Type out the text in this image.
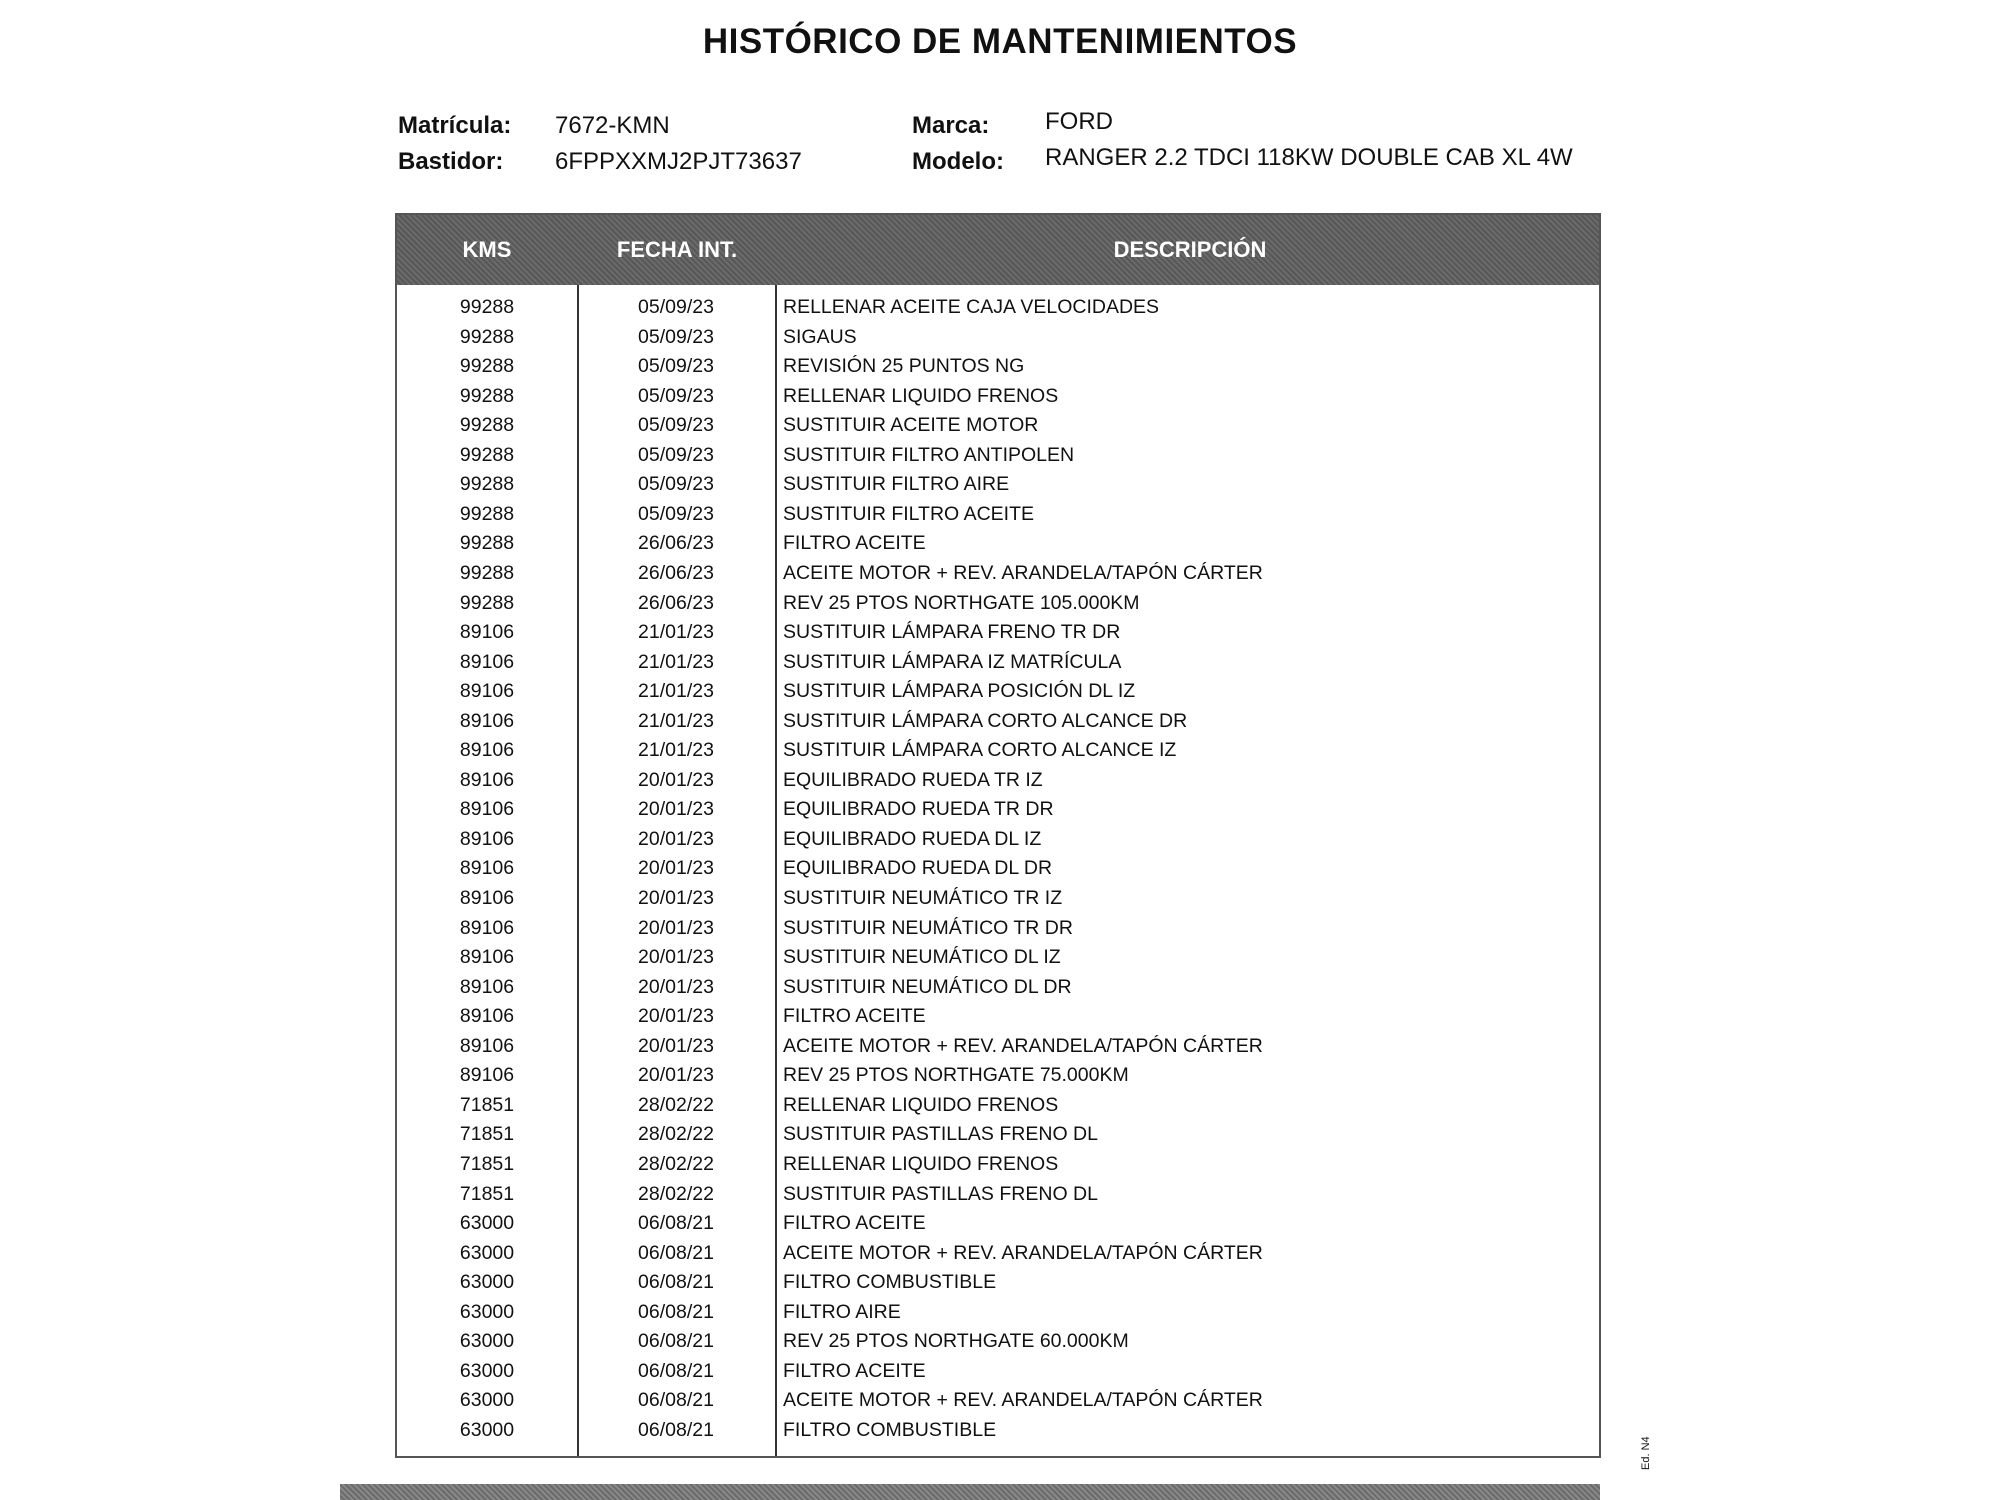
HISTÓRICO DE MANTENIMIENTOS
Matrícula: 7672-KMN
Bastidor: 6FPPXXMJ2PJT73637
Marca: FORD
Modelo: RANGER 2.2 TDCI 118KW DOUBLE CAB XL 4W
KMS	FECHA INT.	DESCRIPCIÓN
99288	05/09/23	RELLENAR ACEITE CAJA VELOCIDADES
99288	05/09/23	SIGAUS
99288	05/09/23	REVISIÓN 25 PUNTOS NG
99288	05/09/23	RELLENAR LIQUIDO FRENOS
99288	05/09/23	SUSTITUIR ACEITE MOTOR
99288	05/09/23	SUSTITUIR FILTRO ANTIPOLEN
99288	05/09/23	SUSTITUIR FILTRO AIRE
99288	05/09/23	SUSTITUIR FILTRO ACEITE
99288	26/06/23	FILTRO ACEITE
99288	26/06/23	ACEITE MOTOR + REV. ARANDELA/TAPÓN CÁRTER
99288	26/06/23	REV 25 PTOS NORTHGATE 105.000KM
89106	21/01/23	SUSTITUIR LÁMPARA FRENO TR DR
89106	21/01/23	SUSTITUIR LÁMPARA IZ MATRÍCULA
89106	21/01/23	SUSTITUIR LÁMPARA POSICIÓN DL IZ
89106	21/01/23	SUSTITUIR LÁMPARA CORTO ALCANCE DR
89106	21/01/23	SUSTITUIR LÁMPARA CORTO ALCANCE IZ
89106	20/01/23	EQUILIBRADO RUEDA TR IZ
89106	20/01/23	EQUILIBRADO RUEDA TR DR
89106	20/01/23	EQUILIBRADO RUEDA DL IZ
89106	20/01/23	EQUILIBRADO RUEDA DL DR
89106	20/01/23	SUSTITUIR NEUMÁTICO TR IZ
89106	20/01/23	SUSTITUIR NEUMÁTICO TR DR
89106	20/01/23	SUSTITUIR NEUMÁTICO DL IZ
89106	20/01/23	SUSTITUIR NEUMÁTICO DL DR
89106	20/01/23	FILTRO ACEITE
89106	20/01/23	ACEITE MOTOR + REV. ARANDELA/TAPÓN CÁRTER
89106	20/01/23	REV 25 PTOS NORTHGATE 75.000KM
71851	28/02/22	RELLENAR LIQUIDO FRENOS
71851	28/02/22	SUSTITUIR PASTILLAS FRENO DL
71851	28/02/22	RELLENAR LIQUIDO FRENOS
71851	28/02/22	SUSTITUIR PASTILLAS FRENO DL
63000	06/08/21	FILTRO ACEITE
63000	06/08/21	ACEITE MOTOR + REV. ARANDELA/TAPÓN CÁRTER
63000	06/08/21	FILTRO COMBUSTIBLE
63000	06/08/21	FILTRO AIRE
63000	06/08/21	REV 25 PTOS NORTHGATE 60.000KM
63000	06/08/21	FILTRO ACEITE
63000	06/08/21	ACEITE MOTOR + REV. ARANDELA/TAPÓN CÁRTER
63000	06/08/21	FILTRO COMBUSTIBLE
Ed. N4
